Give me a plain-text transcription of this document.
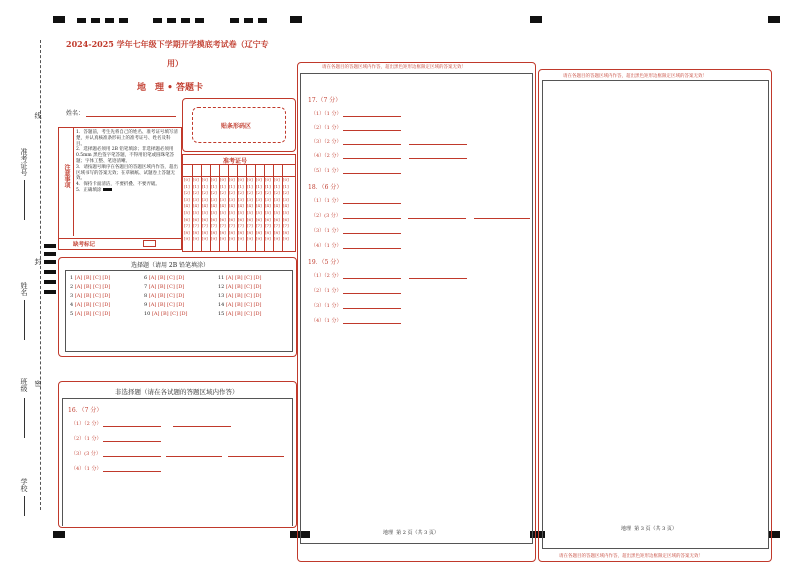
准考证号
姓名
班级
学校
线
封
密
2024-2025 学年七年级下学期开学摸底考试卷（辽宁专
用）
地　理 • 答题卡
姓名：
贴条形码区
注意事项
1．答题前，考生先将自己的姓名、准考证号填写清楚，并认真核准条形码上的准考证号、姓名及科目。
2．选择题必须用 2B 铅笔填涂；非选择题必须用 0.5mm 黑色签字笔答题，不得用铅笔或圆珠笔答题；字体工整、笔迹清晰。
3．请按题号顺序在各题目的答题区域内作答，超出区域书写的答案无效；在草稿纸、试题卷上答题无效。
4．保持卡面清洁，不要折叠、不要弄破。
5．正确填涂
缺考标记
准考证号
[0]
[1]
[2]
[3]
[4]
[5]
[6]
[7]
[8]
[9]
[0]
[1]
[2]
[3]
[4]
[5]
[6]
[7]
[8]
[9]
[0]
[1]
[2]
[3]
[4]
[5]
[6]
[7]
[8]
[9]
[0]
[1]
[2]
[3]
[4]
[5]
[6]
[7]
[8]
[9]
[0]
[1]
[2]
[3]
[4]
[5]
[6]
[7]
[8]
[9]
[0]
[1]
[2]
[3]
[4]
[5]
[6]
[7]
[8]
[9]
[0]
[1]
[2]
[3]
[4]
[5]
[6]
[7]
[8]
[9]
[0]
[1]
[2]
[3]
[4]
[5]
[6]
[7]
[8]
[9]
[0]
[1]
[2]
[3]
[4]
[5]
[6]
[7]
[8]
[9]
[0]
[1]
[2]
[3]
[4]
[5]
[6]
[7]
[8]
[9]
[0]
[1]
[2]
[3]
[4]
[5]
[6]
[7]
[8]
[9]
[0]
[1]
[2]
[3]
[4]
[5]
[6]
[7]
[8]
[9]
选择题（请用 2B 铅笔填涂）
1 [A] [B] [C] [D]
2 [A] [B] [C] [D]
3 [A] [B] [C] [D]
4 [A] [B] [C] [D]
5 [A] [B] [C] [D]
6 [A] [B] [C] [D]
7 [A] [B] [C] [D]
8 [A] [B] [C] [D]
9 [A] [B] [C] [D]
10 [A] [B] [C] [D]
11 [A] [B] [C] [D]
12 [A] [B] [C] [D]
13 [A] [B] [C] [D]
14 [A] [B] [C] [D]
15 [A] [B] [C] [D]
非选择题（请在各试题的答题区域内作答）
16．（7 分）
（1）（2 分）
（2）（1 分）
（3）(3 分）
（4）（1 分）
请在各题目的答题区域内作答，超出黑色矩形边框限定区域的答案无效！
17.（7 分）
（1）（1 分）
（2）（1 分）
（3）（2 分）
（4）（2 分）
（5）（1 分）
18．（6 分）
（1）（1 分）
（2）(3 分）
（3）（1 分）
（4）（1 分）
19．（5 分）
（1）（2 分）
（2）（1 分）
（3）（1 分）
（4）（1 分）
地理  第 2 页（共 3 页）
请在各题目的答题区域内作答，超出黑色矩形边框限定区域的答案无效！
地理  第 3 页（共 3 页）
请在各题目的答题区域内作答，超出黑色矩形边框限定区域的答案无效！
